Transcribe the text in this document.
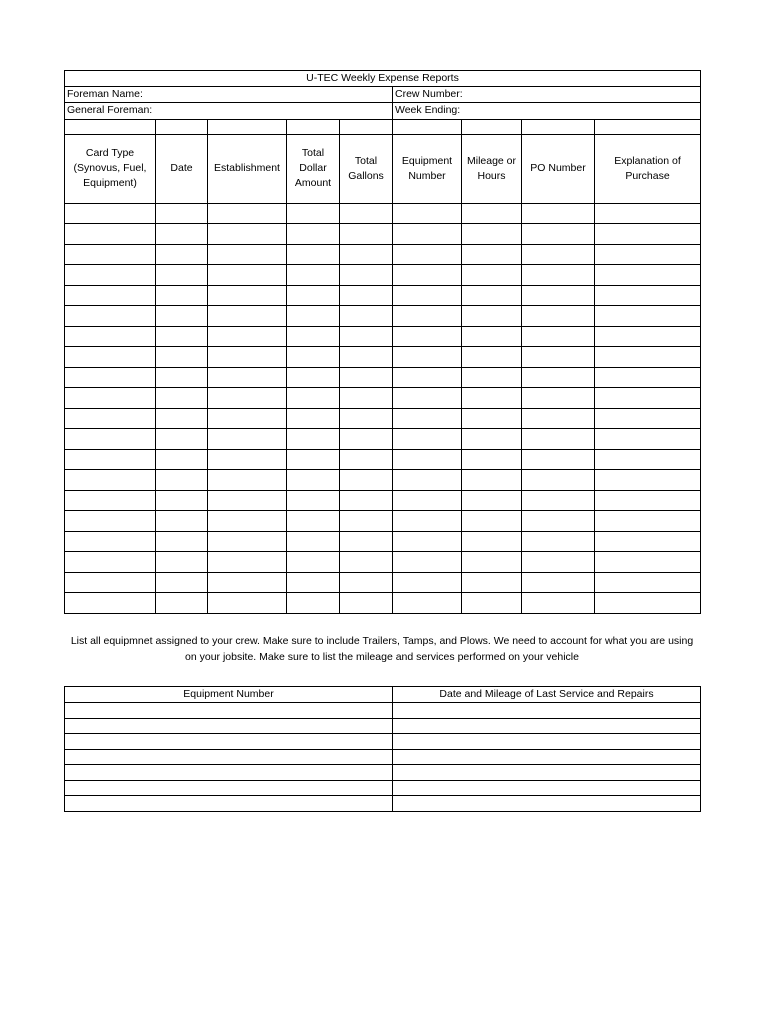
U-TEC Weekly Expense Reports								
Foreman Name:					Crew Number:			
General Foreman:					Week Ending:			

Card Type (Synovus, Fuel, Equipment)	Date	Establishment	Total Dollar Amount	Total Gallons	Equipment Number	Mileage or Hours	PO Number	Explanation of Purchase

List all equipmnet assigned to your crew. Make sure to include Trailers, Tamps, and Plows. We need to account for what you are using on your jobsite. Make sure to list the mileage and services performed on your vehicle
Equipment Number	Date and Mileage of Last Service and Repairs
